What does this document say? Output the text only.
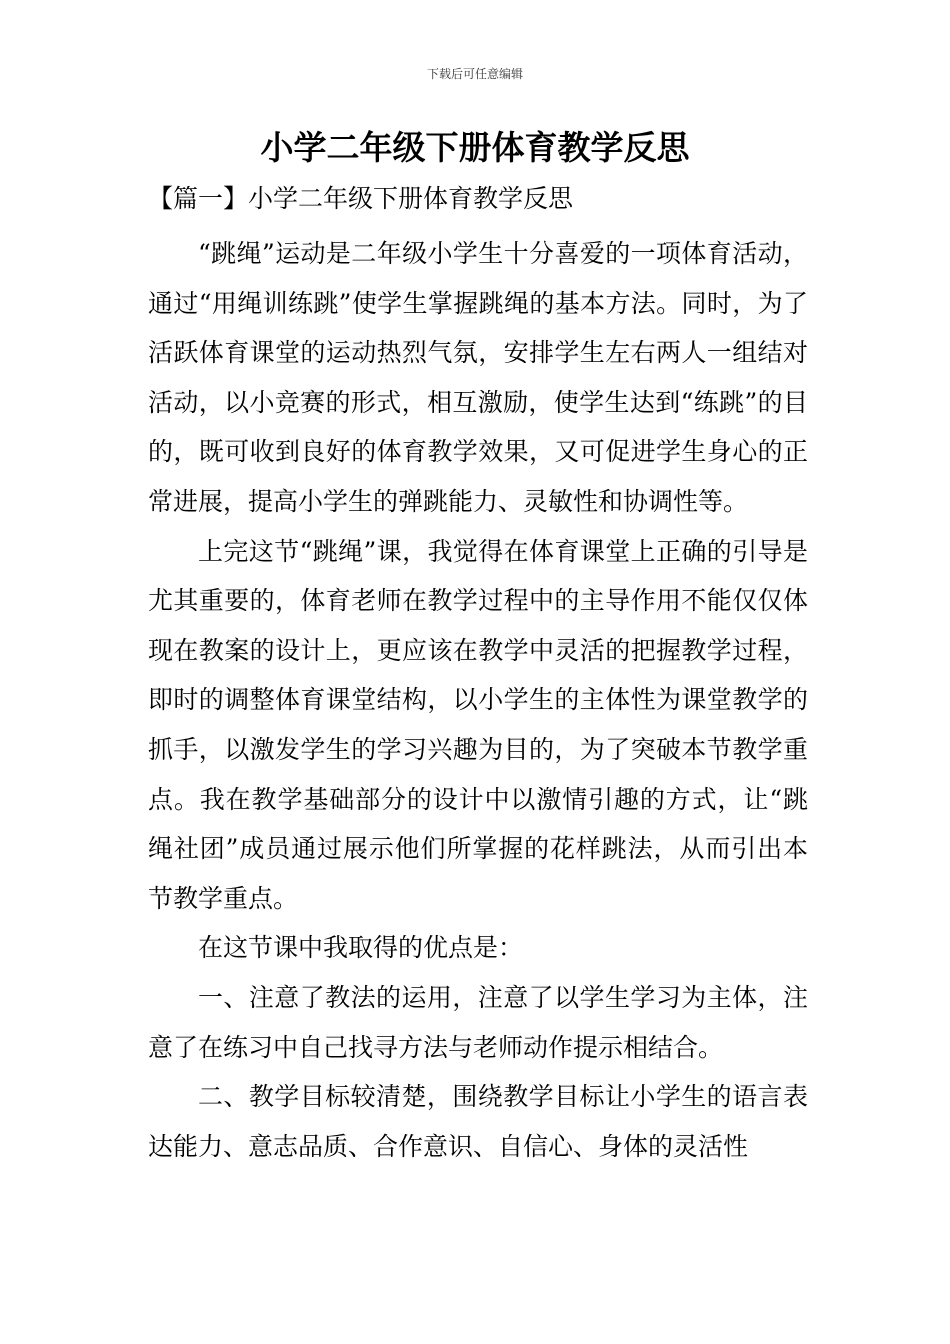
下载后可任意编辑
小学二年级下册体育教学反思
【篇一】小学二年级下册体育教学反思

“跳绳”运动是二年级小学生十分喜爱的一项体育活动，通过“用绳训练跳”使学生掌握跳绳的基本方法。同时，为了活跃体育课堂的运动热烈气氛，安排学生左右两人一组结对活动，以小竞赛的形式，相互激励，使学生达到“练跳”的目的，既可收到良好的体育教学效果，又可促进学生身心的正常进展，提高小学生的弹跳能力、灵敏性和协调性等。

上完这节“跳绳”课，我觉得在体育课堂上正确的引导是尤其重要的，体育老师在教学过程中的主导作用不能仅仅体现在教案的设计上，更应该在教学中灵活的把握教学过程，即时的调整体育课堂结构，以小学生的主体性为课堂教学的抓手，以激发学生的学习兴趣为目的，为了突破本节教学重点。我在教学基础部分的设计中以激情引趣的方式，让“跳绳社团”成员通过展示他们所掌握的花样跳法，从而引出本节教学重点。

在这节课中我取得的优点是：

一、注意了教法的运用，注意了以学生学习为主体，注意了在练习中自己找寻方法与老师动作提示相结合。

二、教学目标较清楚，围绕教学目标让小学生的语言表达能力、意志品质、合作意识、自信心、身体的灵活性
